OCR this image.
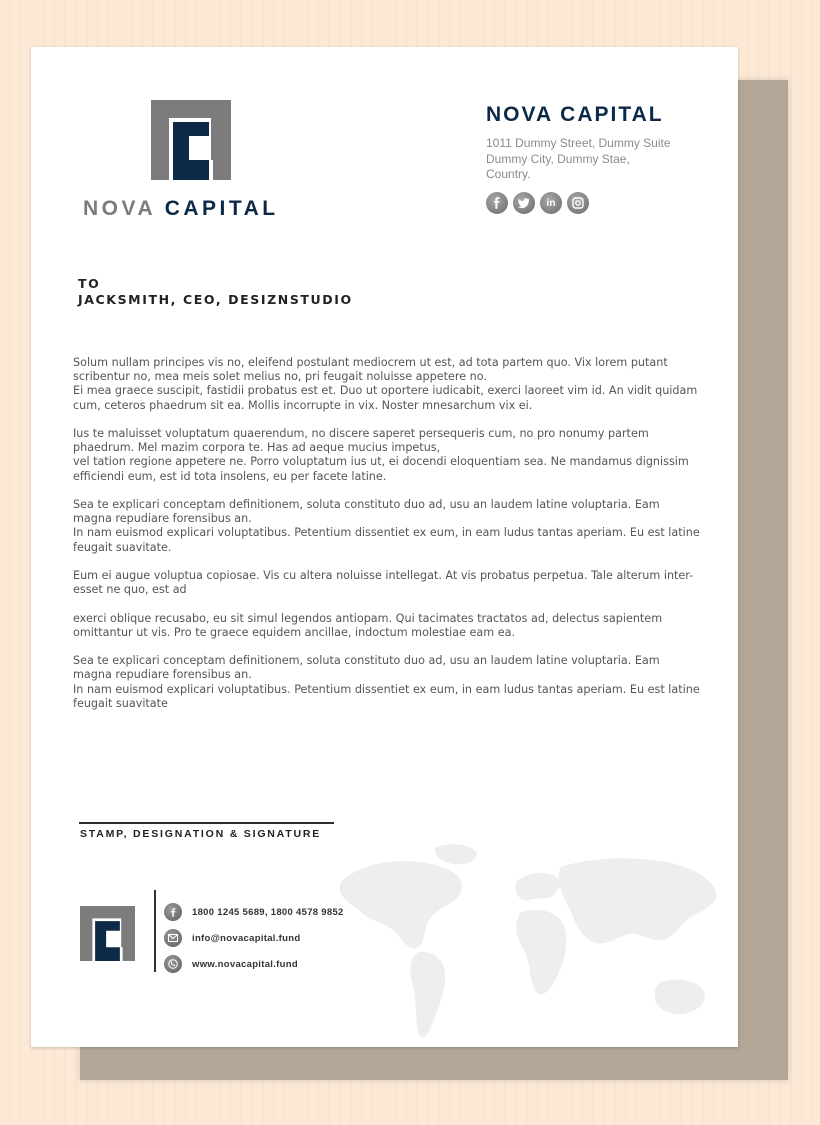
NOVA CAPITAL
NOVA CAPITAL
1011 Dummy Street, Dummy Suite
Dummy City, Dummy Stae,
Country.
in
TO
JACKSMITH, CEO, DESIZNSTUDIO

Solum nullam principes vis no, eleifend postulant mediocrem ut est, ad tota partem quo. Vix lorem putant scribentur no, mea meis solet melius no, pri feugait noluisse appetere no.
Ei mea graece suscipit, fastidii probatus est et. Duo ut oportere iudicabit, exerci laoreet vim id. An vidit quidam cum, ceteros phaedrum sit ea. Mollis incorrupte in vix. Noster mnesarchum vix ei.

Ius te maluisset voluptatum quaerendum, no discere saperet persequeris cum, no pro nonumy partem phaedrum. Mel mazim corpora te. Has ad aeque mucius impetus,
vel tation regione appetere ne. Porro voluptatum ius ut, ei docendi eloquentiam sea. Ne mandamus dignissim efficiendi eum, est id tota insolens, eu per facete latine.

Sea te explicari conceptam definitionem, soluta constituto duo ad, usu an laudem latine voluptaria. Eam magna repudiare forensibus an.
In nam euismod explicari voluptatibus. Petentium dissentiet ex eum, in eam ludus tantas aperiam. Eu est latine feugait suavitate.

Eum ei augue voluptua copiosae. Vis cu altera noluisse intellegat. At vis probatus perpetua. Tale alterum inter-esset ne quo, est ad

exerci oblique recusabo, eu sit simul legendos antiopam. Qui tacimates tractatos ad, delectus sapientem omittantur ut vis. Pro te graece equidem ancillae, indoctum molestiae eam ea.

Sea te explicari conceptam definitionem, soluta constituto duo ad, usu an laudem latine voluptaria. Eam magna repudiare forensibus an.
In nam euismod explicari voluptatibus. Petentium dissentiet ex eum, in eam ludus tantas aperiam. Eu est latine feugait suavitate

STAMP, DESIGNATION & SIGNATURE
1800 1245 5689, 1800 4578 9852
info@novacapital.fund
www.novacapital.fund
